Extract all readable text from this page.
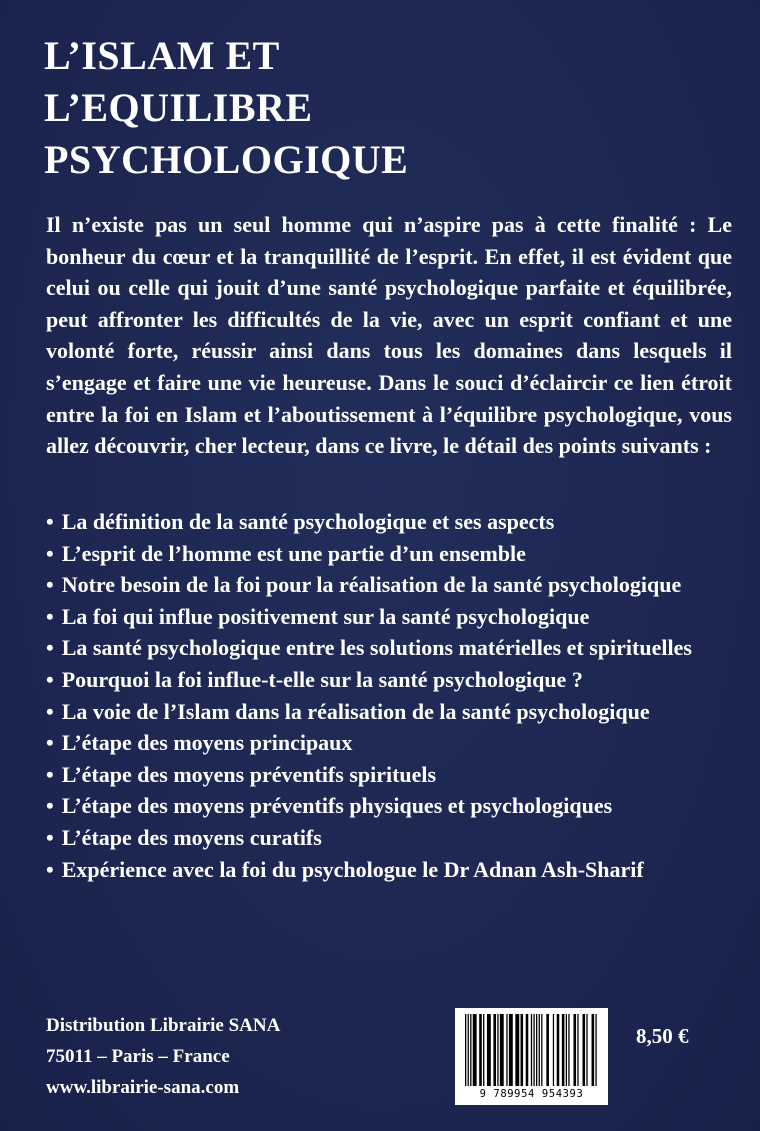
L’ISLAM ET
L’EQUILIBRE
PSYCHOLOGIQUE

Il n’existe pas un seul homme qui n’aspire pas à cette finalité : Le bonheur du cœur et la tranquillité de l’esprit. En effet, il est évident que celui ou celle qui jouit d’une santé psychologique parfaite et équilibrée, peut affronter les difficultés de la vie, avec un esprit confiant et une volonté forte, réussir ainsi dans tous les domaines dans lesquels il s’engage et faire une vie heureuse. Dans le souci d’éclaircir ce lien étroit entre la foi en Islam et l’aboutissement à l’équilibre psychologique, vous allez découvrir, cher lecteur, dans ce livre, le détail des points suivants :

• La définition de la santé psychologique et ses aspects
• L’esprit de l’homme est une partie d’un ensemble
• Notre besoin de la foi pour la réalisation de la santé psychologique
• La foi qui influe positivement sur la santé psychologique
• La santé psychologique entre les solutions matérielles et spirituelles
• Pourquoi la foi influe-t-elle sur la santé psychologique ?
• La voie de l’Islam dans la réalisation de la santé psychologique
• L’étape des moyens principaux
• L’étape des moyens préventifs spirituels
• L’étape des moyens préventifs physiques et psychologiques
• L’étape des moyens curatifs
• Expérience avec la foi du psychologue le Dr Adnan Ash-Sharif
Distribution Librairie SANA
75011 – Paris – France
www.librairie-sana.com	9 789954 954393
8,50 €
